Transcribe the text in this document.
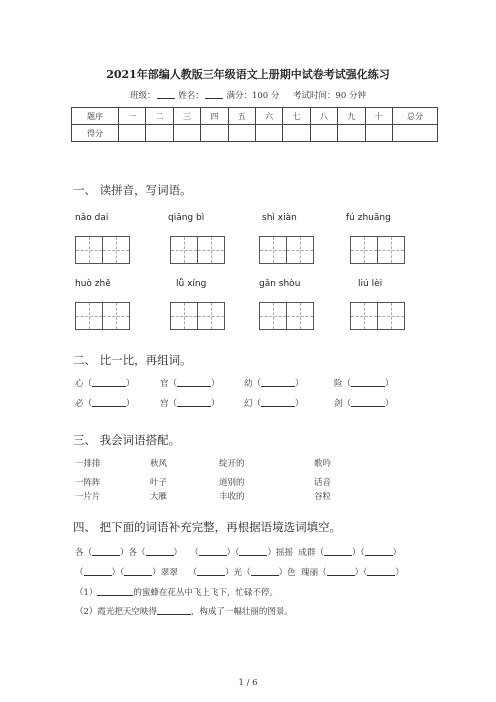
2021年部编人教版三年级语文上册期中试卷考试强化练习
班级：	姓名：	满分：100 分 考试时间：90 分钟
题序	一	二	三	四	五	六	七	八	九	十	总分
得分											
一、 读拼音，写词语。
nǎo dai	qiǎng bì	shì xiàn	fú zhuāng
huò zhě	lǚ xíng	gǎn shòu	liú lèi
二、 比一比，再组词。
心（	）	官（	）	幼（	）	险（	）
必（	）	宫（	）	幻（	）	剑（	）
三、 我会词语搭配。
一排排	秋风	绽开的	歌吟
一阵阵	叶子	道别的	话音
一片片	大雁	丰收的	谷粒
四、 把下面的词语补充完整，再根据语境选词填空。
各（	）各（	） （	）（	）摇摇 成群（	）（	）
（	）（	）翠翠 （	）光（	）色 瑰丽（	）（	）
（1）	的蜜蜂在花丛中飞上飞下，忙碌不停。
（2）霞光把天空映得	，构成了一幅壮丽的图景。
1 / 6
